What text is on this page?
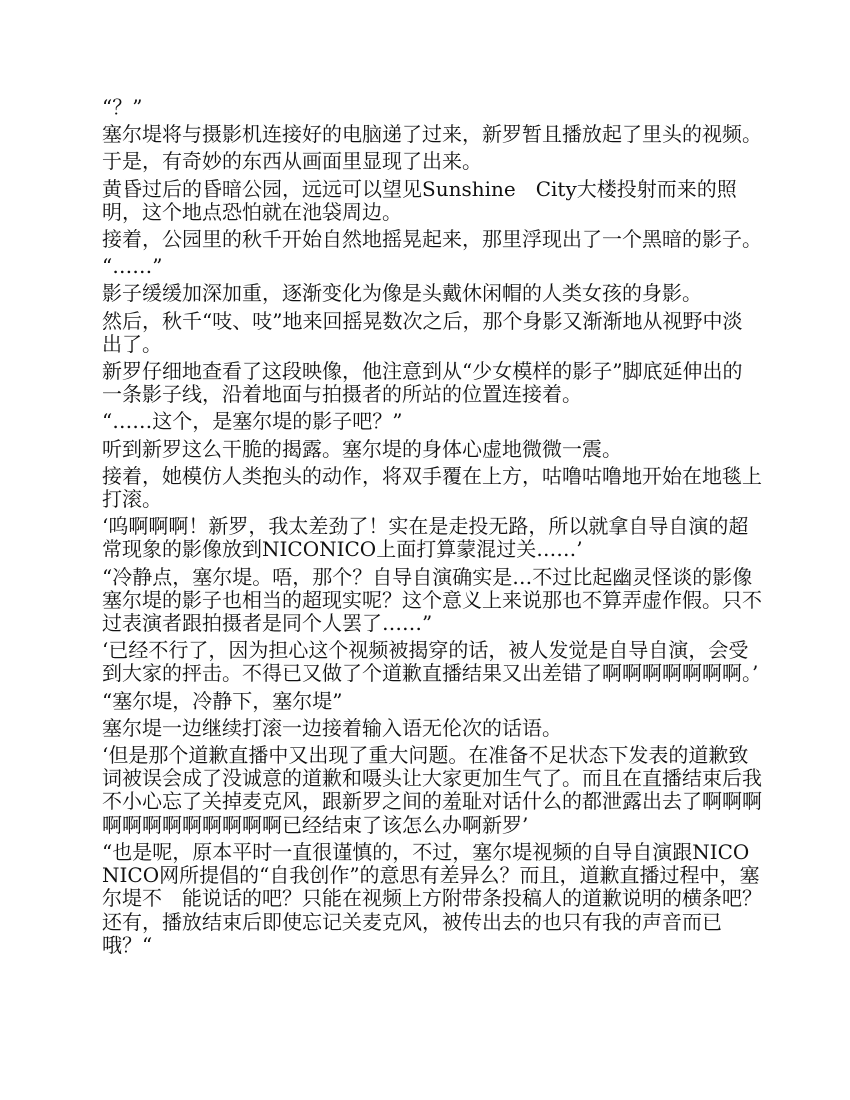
“？”

塞尔堤将与摄影机连接好的电脑递了过来，新罗暂且播放起了里头的视频。

于是，有奇妙的东西从画面里显现了出来。

黄昏过后的昏暗公园，远远可以望见Sunshine　City大楼投射而来的照明，这个地点恐怕就在池袋周边。

接着，公园里的秋千开始自然地摇晃起来，那里浮现出了一个黑暗的影子。

“……”

影子缓缓加深加重，逐渐变化为像是头戴休闲帽的人类女孩的身影。

然后，秋千“吱、吱”地来回摇晃数次之后，那个身影又渐渐地从视野中淡出了。

新罗仔细地查看了这段映像，他注意到从“少女模样的影子”脚底延伸出的一条影子线，沿着地面与拍摄者的所站的位置连接着。

“……这个，是塞尔堤的影子吧？”

听到新罗这么干脆的揭露。塞尔堤的身体心虚地微微一震。

接着，她模仿人类抱头的动作，将双手覆在上方，咕噜咕噜地开始在地毯上打滚。

‘呜啊啊啊！新罗，我太差劲了！实在是走投无路，所以就拿自导自演的超常现象的影像放到NICONICO上面打算蒙混过关……’

“冷静点，塞尔堤。唔，那个？自导自演确实是…不过比起幽灵怪谈的影像塞尔堤的影子也相当的超现实呢？这个意义上来说那也不算弄虚作假。只不过表演者跟拍摄者是同个人罢了……”

‘已经不行了，因为担心这个视频被揭穿的话，被人发觉是自导自演，会受到大家的抨击。不得已又做了个道歉直播结果又出差错了啊啊啊啊啊啊啊。’

“塞尔堤，冷静下，塞尔堤”

塞尔堤一边继续打滚一边接着输入语无伦次的话语。

‘但是那个道歉直播中又出现了重大问题。在准备不足状态下发表的道歉致词被误会成了没诚意的道歉和嗫头让大家更加生气了。而且在直播结束后我不小心忘了关掉麦克风，跟新罗之间的羞耻对话什么的都泄露出去了啊啊啊啊啊啊啊啊啊啊啊啊已经结束了该怎么办啊新罗’

“也是呢，原本平时一直很谨慎的，不过，塞尔堤视频的自导自演跟NICONICO网所提倡的“自我创作”的意思有差异么？而且，道歉直播过程中，塞尔堤不　能说话的吧？只能在视频上方附带条投稿人的道歉说明的横条吧？还有，播放结束后即使忘记关麦克风，被传出去的也只有我的声音而已哦？“
